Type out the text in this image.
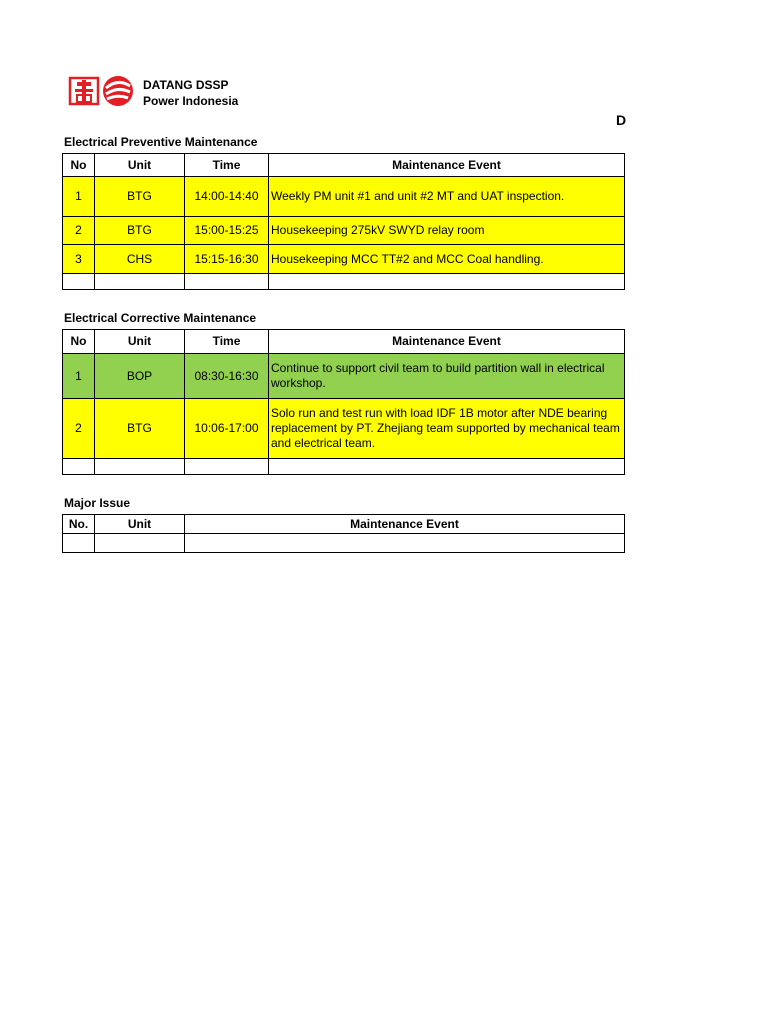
DATANG DSSP
Power Indonesia
D
Electrical Preventive Maintenance
No	Unit	Time	Maintenance Event
1	BTG	14:00-14:40	Weekly PM unit #1 and unit #2 MT and UAT inspection.
2	BTG	15:00-15:25	Housekeeping 275kV SWYD relay room
3	CHS	15:15-16:30	Housekeeping MCC TT#2 and MCC Coal handling.

Electrical Corrective Maintenance
No	Unit	Time	Maintenance Event
1	BOP	08:30-16:30	Continue to support civil team to build partition wall in electrical workshop.
2	BTG	10:06-17:00	Solo run and test run with load IDF 1B motor after NDE bearing replacement by PT. Zhejiang team supported by mechanical team and electrical team.

Major Issue
No.	Unit	Maintenance Event
